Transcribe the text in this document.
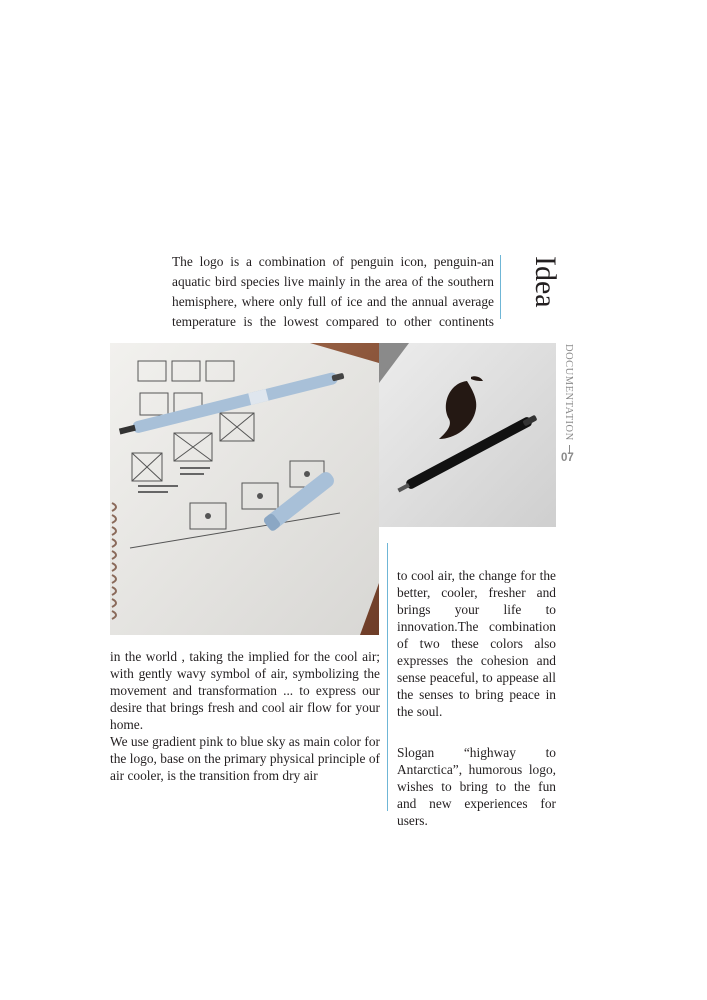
The logo is a combination of penguin icon, penguin-an aquatic bird species live mainly in the area of the southern hemisphere, where only full of ice and the annual average temperature is the lowest compared to other continents
Idea
DOCUMENTATION
07

in the world , taking the implied for the cool air; with gently wavy symbol of air, symbolizing the movement and transformation ... to express our desire that brings fresh and cool air flow for your home.

We use gradient pink to blue sky as main color for the logo, base on the primary physical principle of air cooler, is the transition from dry air

to cool air, the change for the better, cooler, fresher and brings your life to innovation.The combination of two these colors also expresses the cohesion and sense peaceful, to appease all the senses to bring peace in the soul.

Slogan “highway to Antarctica”, humorous logo, wishes to bring to the fun and new experiences for users.
